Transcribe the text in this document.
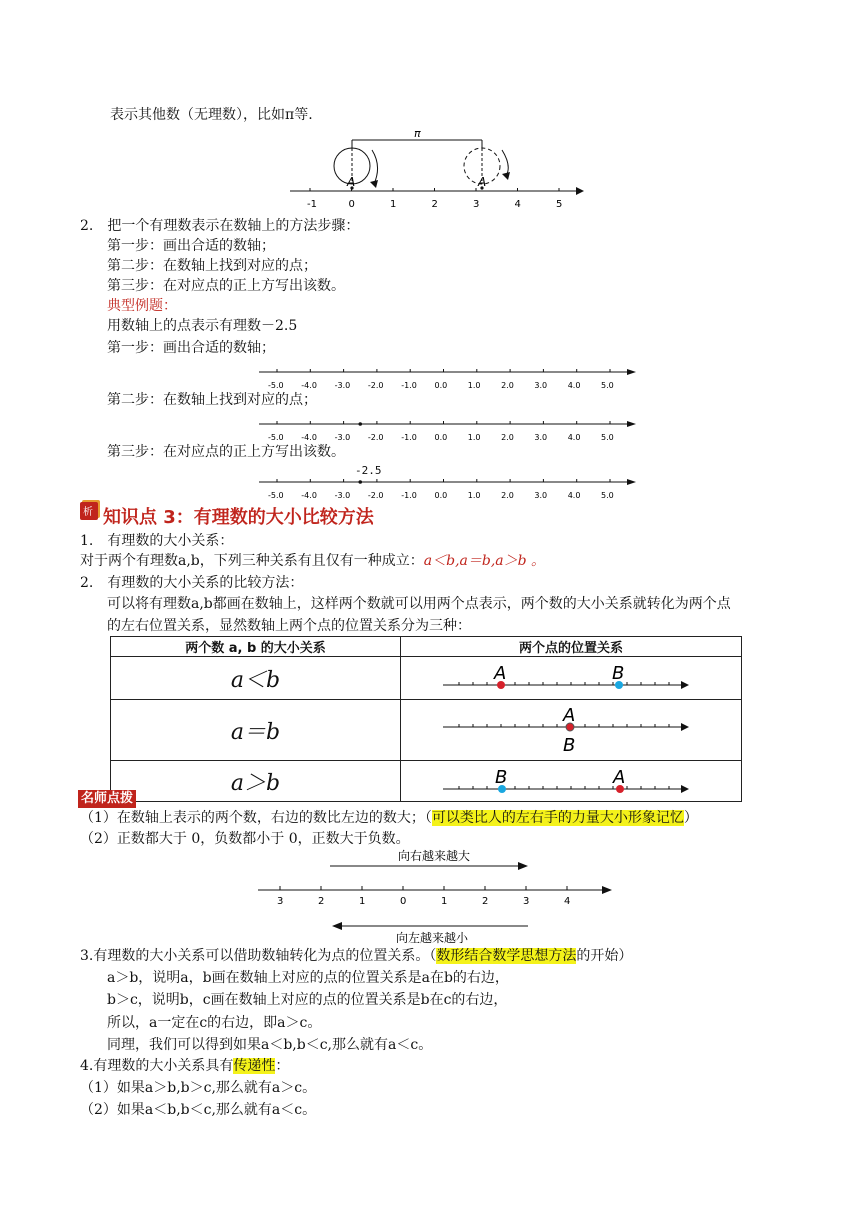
表示其他数（无理数），比如π等.
-1	0	1	2	3	4	5
π
A	A
2.　把一个有理数表示在数轴上的方法步骤：
第一步：画出合适的数轴；
第二步：在数轴上找到对应的点；
第三步：在对应点的正上方写出该数。
典型例题：
用数轴上的点表示有理数－2.5
第一步：画出合适的数轴；
-5.0 -4.0 -3.0 -2.0 -1.0 0.0	1.0	2.0	3.0	4.0	5.0
第二步：在数轴上找到对应的点；
-5.0 -4.0 -3.0 -2.0 -1.0 0.0	1.0	2.0	3.0	4.0	5.0
第三步：在对应点的正上方写出该数。
-2.5
-5.0 -4.0 -3.0 -2.0 -1.0 0.0	1.0	2.0	3.0	4.0	5.0
析 知识点 3：有理数的大小比较方法
1.　有理数的大小关系：
对于两个有理数a,b，下列三种关系有且仅有一种成立：a＜b,a＝b,a＞b 。
2.　有理数的大小关系的比较方法：
可以将有理数a,b都画在数轴上，这样两个数就可以用两个点表示，两个数的大小关系就转化为两个点
的左右位置关系，显然数轴上两个点的位置关系分为三种：
两个数 a, b 的大小关系	两个点的位置关系
a＜b	A B

a＝b	A
B

a＞b	B A
名师点拨
（1）在数轴上表示的两个数，右边的数比左边的数大；（可以类比人的左右手的力量大小形象记忆）
（2）正数都大于 0，负数都小于 0，正数大于负数。
向右越来越大
3	2	1	0	1	2	3	4
向左越来越小
3.有理数的大小关系可以借助数轴转化为点的位置关系。（数形结合数学思想方法的开始）
a＞b，说明a，b画在数轴上对应的点的位置关系是a在b的右边，
b＞c，说明b，c画在数轴上对应的点的位置关系是b在c的右边，
所以，a一定在c的右边，即a＞c。
同理，我们可以得到如果a＜b,b＜c,那么就有a＜c。
4.有理数的大小关系具有传递性：
（1）如果a＞b,b＞c,那么就有a＞c。
（2）如果a＜b,b＜c,那么就有a＜c。
